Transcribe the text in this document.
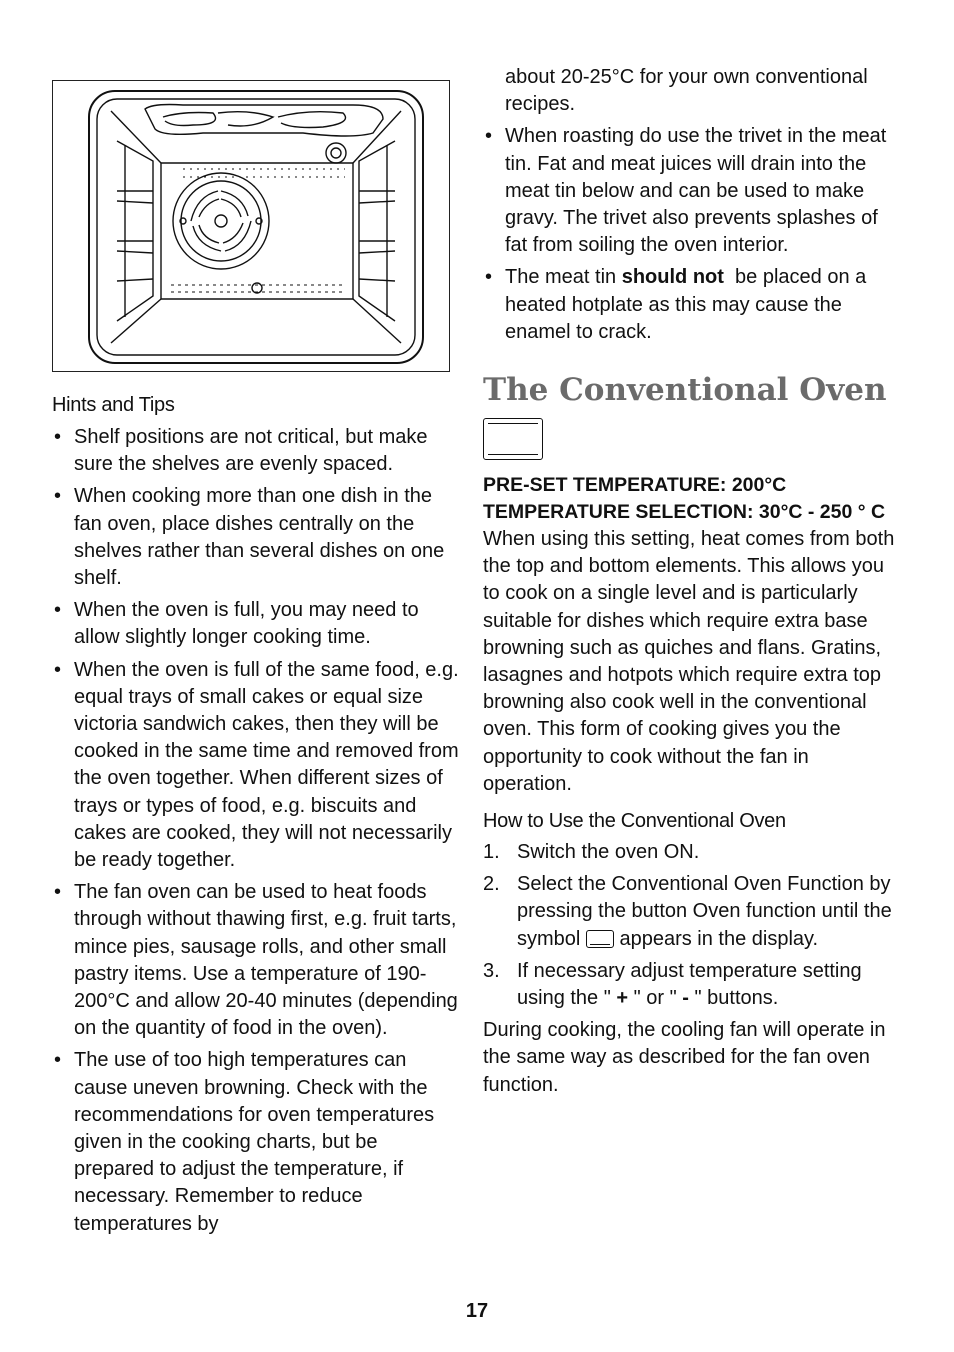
Hints and Tips
• Shelf positions are not critical, but make sure the shelves are evenly spaced.
• When cooking more than one dish in the fan oven, place dishes centrally on the shelves rather than several dishes on one shelf.
• When the oven is full, you may need to allow slightly longer cooking time.
• When the oven is full of the same food, e.g. equal trays of small cakes or equal size victoria sandwich cakes, then they will be cooked in the same time and removed from the oven together. When different sizes of trays or types of food, e.g. biscuits and cakes are cooked, they will not necessarily be ready together.
• The fan oven can be used to heat foods through without thawing first, e.g. fruit tarts, mince pies, sausage rolls, and other small pastry items. Use a temperature of 190-200°C and allow 20-40 minutes (depending on the quantity of food in the oven).
• The use of too high temperatures can cause uneven browning. Check with the recommendations for oven temperatures given in the cooking charts, but be prepared to adjust the temperature, if necessary. Remember to reduce temperatures by

about 20-25°C for your own conventional recipes.

• When roasting do use the trivet in the meat tin. Fat and meat juices will drain into the meat tin below and can be used to make gravy. The trivet also prevents splashes of fat from soiling the oven interior.
• The meat tin should not  be placed on a heated hotplate as this may cause the enamel to crack.
The Conventional Oven

PRE-SET TEMPERATURE: 200°C

TEMPERATURE SELECTION: 30°C - 250 ° C

When using this setting, heat comes from both the top and bottom elements. This allows you to cook on a single level and is particularly suitable for dishes which require extra base browning such as quiches and flans. Gratins, lasagnes and hotpots which require extra top browning also cook well in the conventional oven. This form of cooking gives you the opportunity to cook without the fan in operation.

How to Use the Conventional Oven
1. Switch the oven ON.
2. Select the Conventional Oven Function by pressing the button Oven function until the symbol  appears in the display.
3. If necessary adjust temperature setting using the " + " or " - " buttons.

During cooking, the cooling fan will operate in the same way as described for the fan oven function.

17
